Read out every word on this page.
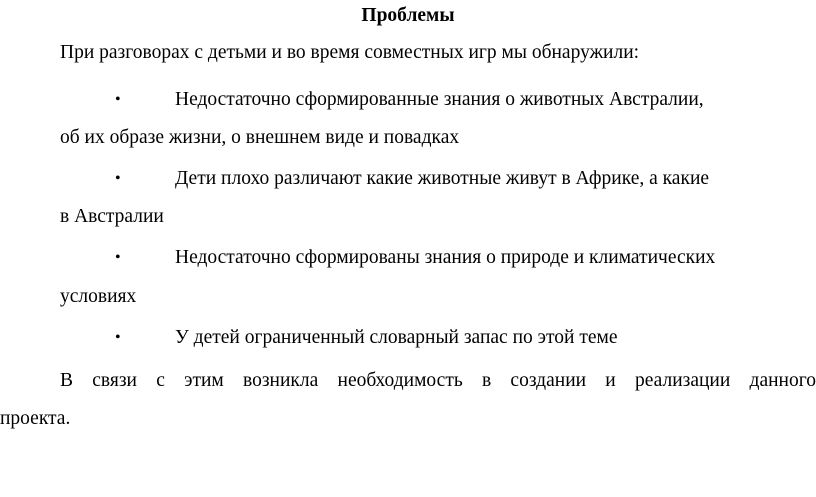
Проблемы
При разговорах с детьми и во время совместных игр мы обнаружили:
•	Недостаточно сформированные знания о животных Австралии,
об их образе жизни, о внешнем виде и повадках
•	Дети плохо различают какие животные живут в Африке, а какие
в Австралии
•	Недостаточно сформированы знания о природе и климатических
условиях
•	У детей ограниченный словарный запас по этой теме
В связи с этим возникла необходимость в создании и реализации данного
проекта.
